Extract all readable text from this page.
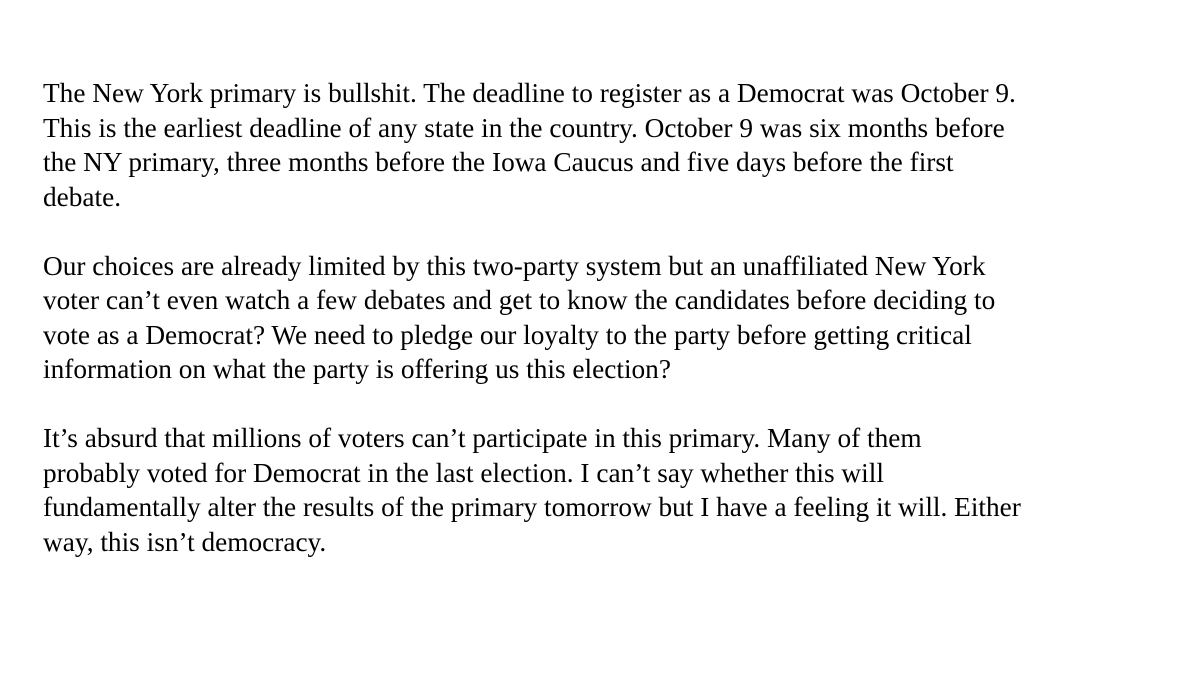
The New York primary is bullshit. The deadline to register as a Democrat was October 9.
This is the earliest deadline of any state in the country. October 9 was six months before
the NY primary, three months before the Iowa Caucus and five days before the first
debate.

Our choices are already limited by this two-party system but an unaffiliated New York
voter can’t even watch a few debates and get to know the candidates before deciding to
vote as a Democrat? We need to pledge our loyalty to the party before getting critical
information on what the party is offering us this election?

It’s absurd that millions of voters can’t participate in this primary. Many of them
probably voted for Democrat in the last election. I can’t say whether this will
fundamentally alter the results of the primary tomorrow but I have a feeling it will. Either
way, this isn’t democracy.
